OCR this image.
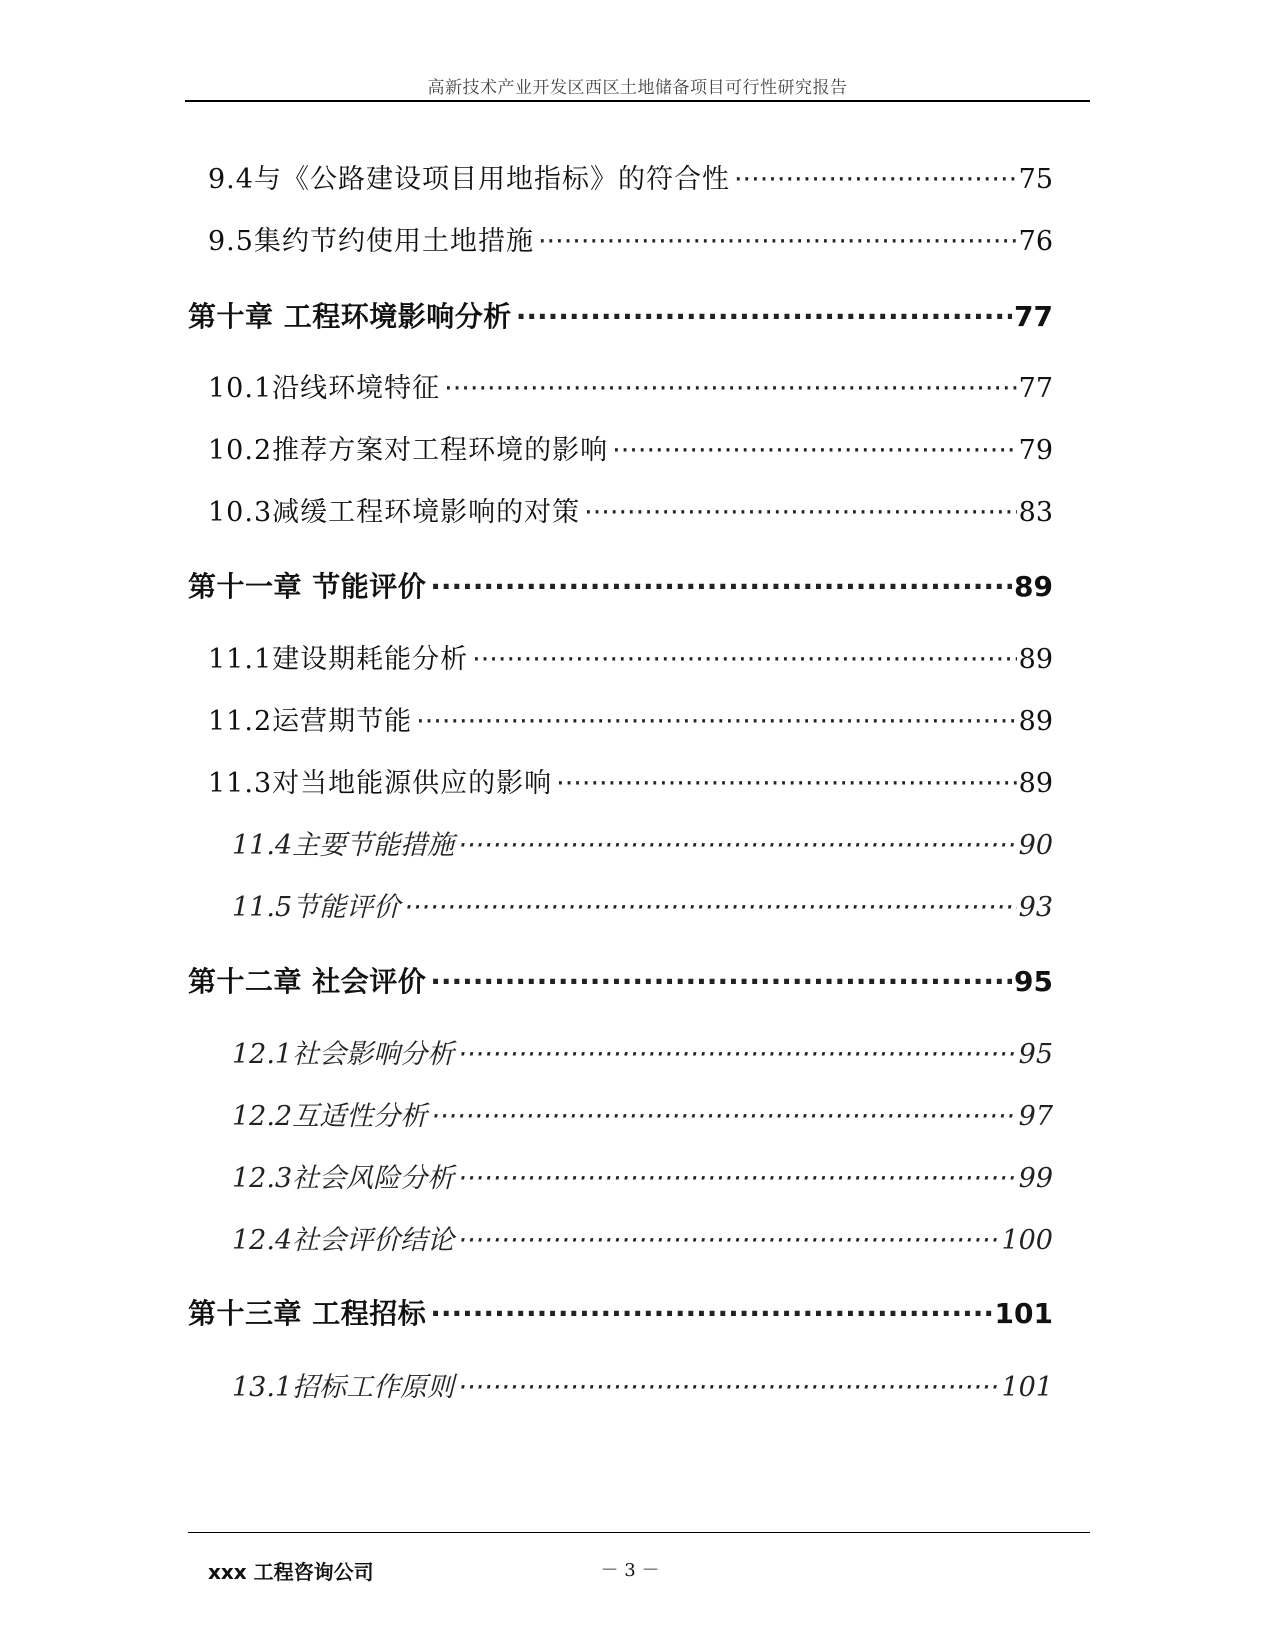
高新技术产业开发区西区土地储备项目可行性研究报告
9.4与《公路建设项目用地指标》的符合性 ·····	75
9.5集约节约使用土地措施 ·····	76
第十章 工程环境影响分析 ·····	77
10.1沿线环境特征 ·····	77
10.2推荐方案对工程环境的影响 ·····	79
10.3减缓工程环境影响的对策 ·····	83
第十一章 节能评价 ·····	89
11.1建设期耗能分析 ·····	89
11.2运营期节能 ·····	89
11.3对当地能源供应的影响 ·····	89
11.4主要节能措施 ·····	90
11.5节能评价 ·····	93
第十二章 社会评价 ·····	95
12.1社会影响分析 ·····	95
12.2互适性分析 ·····	97
12.3社会风险分析 ·····	99
12.4社会评价结论 ·····	100
第十三章 工程招标 ·····	101
13.1招标工作原则 ·····	101
xxx 工程咨询公司	－ 3 －
